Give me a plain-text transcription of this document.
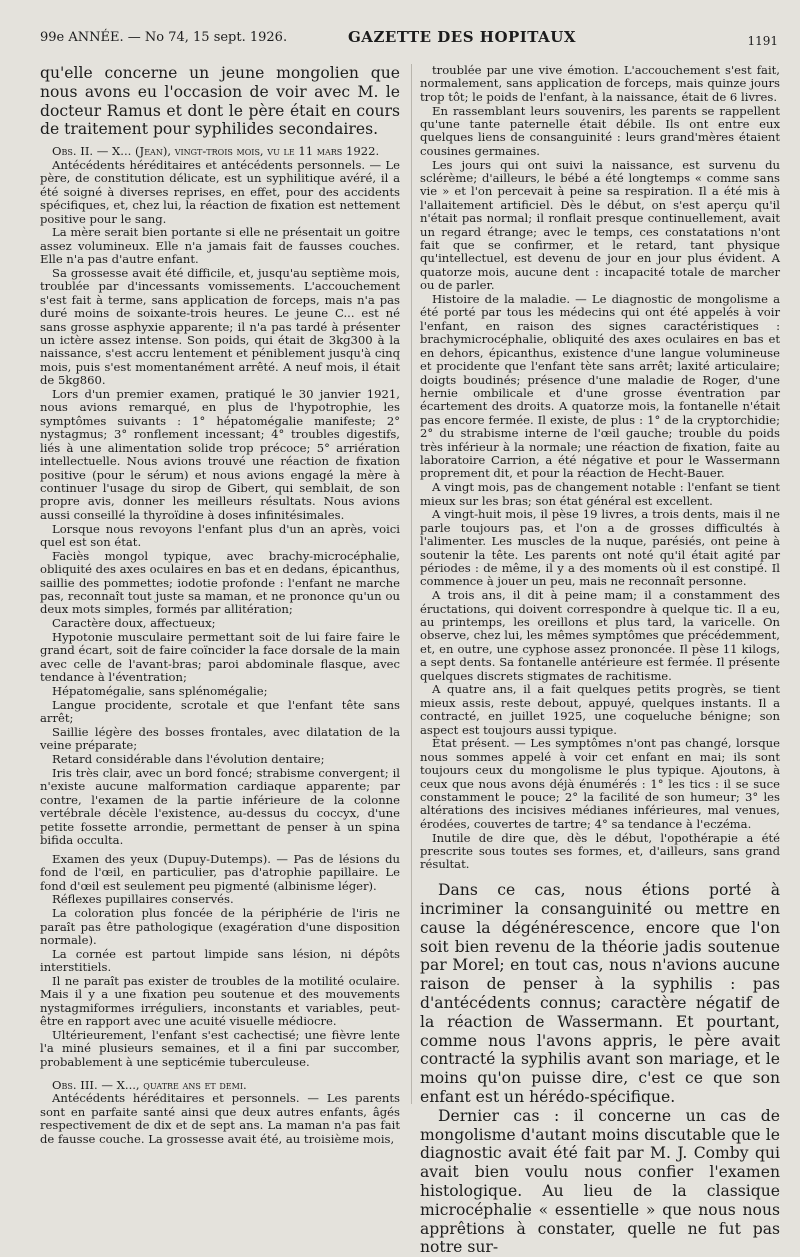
99e ANNÉE. — No 74, 15 sept. 1926.	GAZETTE DES HOPITAUX	1191

qu'elle concerne un jeune mongolien que nous avons eu l'occasion de voir avec M. le docteur Ramus et dont le père était en cours de traitement pour syphilides secondaires.

Obs. II. — X... (Jean), vingt-trois mois, vu le 11 mars 1922.

Antécédents héréditaires et antécédents personnels. — Le père, de constitution délicate, est un syphilitique avéré, il a été soigné à diverses reprises, en effet, pour des accidents spécifiques, et, chez lui, la réaction de fixation est nettement positive pour le sang.

La mère serait bien portante si elle ne présentait un goitre assez volumineux. Elle n'a jamais fait de fausses couches. Elle n'a pas d'autre enfant.

Sa grossesse avait été difficile, et, jusqu'au septième mois, troublée par d'incessants vomissements. L'accouchement s'est fait à terme, sans application de forceps, mais n'a pas duré moins de soixante-trois heures. Le jeune C... est né sans grosse asphyxie apparente; il n'a pas tardé à présenter un ictère assez intense. Son poids, qui était de 3kg300 à la naissance, s'est accru lentement et péniblement jusqu'à cinq mois, puis s'est momentanément arrêté. A neuf mois, il était de 5kg860.

Lors d'un premier examen, pratiqué le 30 janvier 1921, nous avions remarqué, en plus de l'hypotrophie, les symptômes suivants : 1° hépatomégalie manifeste; 2° nystagmus; 3° ronflement incessant; 4° troubles digestifs, liés à une alimentation solide trop précoce; 5° arriération intellectuelle. Nous avions trouvé une réaction de fixation positive (pour le sérum) et nous avions engagé la mère à continuer l'usage du sirop de Gibert, qui semblait, de son propre avis, donner les meilleurs résultats. Nous avions aussi conseillé la thyroïdine à doses infinitésimales.

Lorsque nous revoyons l'enfant plus d'un an après, voici quel est son état.

Faciès mongol typique, avec brachy-microcéphalie, obliquité des axes oculaires en bas et en dedans, épicanthus, saillie des pommettes; iodotie profonde : l'enfant ne marche pas, reconnaît tout juste sa maman, et ne prononce qu'un ou deux mots simples, formés par allitération;

Caractère doux, affectueux;

Hypotonie musculaire permettant soit de lui faire faire le grand écart, soit de faire coïncider la face dorsale de la main avec celle de l'avant-bras; paroi abdominale flasque, avec tendance à l'éventration;

Hépatomégalie, sans splénomégalie;

Langue procidente, scrotale et que l'enfant tête sans arrêt;

Saillie légère des bosses frontales, avec dilatation de la veine préparate;

Retard considérable dans l'évolution dentaire;

Iris très clair, avec un bord foncé; strabisme convergent; il n'existe aucune malformation cardiaque apparente; par contre, l'examen de la partie inférieure de la colonne vertébrale décèle l'existence, au-dessus du coccyx, d'une petite fossette arrondie, permettant de penser à un spina bifida occulta.

Examen des yeux (Dupuy-Dutemps). — Pas de lésions du fond de l'œil, en particulier, pas d'atrophie papillaire. Le fond d'œil est seulement peu pigmenté (albinisme léger).

Réflexes pupillaires conservés.

La coloration plus foncée de la périphérie de l'iris ne paraît pas être pathologique (exagération d'une disposition normale).

La cornée est partout limpide sans lésion, ni dépôts interstitiels.

Il ne paraît pas exister de troubles de la motilité oculaire. Mais il y a une fixation peu soutenue et des mouvements nystagmiformes irréguliers, inconstants et variables, peut-être en rapport avec une acuité visuelle médiocre.

Ultérieurement, l'enfant s'est cachectisé; une fièvre lente l'a miné plusieurs semaines, et il a fini par succomber, probablement à une septicémie tuberculeuse.

Obs. III. — X..., quatre ans et demi.

Antécédents héréditaires et personnels. — Les parents sont en parfaite santé ainsi que deux autres enfants, âgés respectivement de dix et de sept ans. La maman n'a pas fait de fausse couche. La grossesse avait été, au troisième mois,

troublée par une vive émotion. L'accouchement s'est fait, normalement, sans application de forceps, mais quinze jours trop tôt; le poids de l'enfant, à la naissance, était de 6 livres.

En rassemblant leurs souvenirs, les parents se rappellent qu'une tante paternelle était débile. Ils ont entre eux quelques liens de consanguinité : leurs grand'mères étaient cousines germaines.

Les jours qui ont suivi la naissance, est survenu du sclérème; d'ailleurs, le bébé a été longtemps « comme sans vie » et l'on percevait à peine sa respiration. Il a été mis à l'allaitement artificiel. Dès le début, on s'est aperçu qu'il n'était pas normal; il ronflait presque continuellement, avait un regard étrange; avec le temps, ces constatations n'ont fait que se confirmer, et le retard, tant physique qu'intellectuel, est devenu de jour en jour plus évident. A quatorze mois, aucune dent : incapacité totale de marcher ou de parler.

Histoire de la maladie. — Le diagnostic de mongolisme a été porté par tous les médecins qui ont été appelés à voir l'enfant, en raison des signes caractéristiques : brachymicrocéphalie, obliquité des axes oculaires en bas et en dehors, épicanthus, existence d'une langue volumineuse et procidente que l'enfant tète sans arrêt; laxité articulaire; doigts boudinés; présence d'une maladie de Roger, d'une hernie ombilicale et d'une grosse éventration par écartement des droits. A quatorze mois, la fontanelle n'était pas encore fermée. Il existe, de plus : 1° de la cryptorchidie; 2° du strabisme interne de l'œil gauche; trouble du poids très inférieur à la normale; une réaction de fixation, faite au laboratoire Carrion, a été négative et pour le Wassermann proprement dit, et pour la réaction de Hecht-Bauer.

A vingt mois, pas de changement notable : l'enfant se tient mieux sur les bras; son état général est excellent.

A vingt-huit mois, il pèse 19 livres, a trois dents, mais il ne parle toujours pas, et l'on a de grosses difficultés à l'alimenter. Les muscles de la nuque, parésiés, ont peine à soutenir la tête. Les parents ont noté qu'il était agité par périodes : de même, il y a des moments où il est constipé. Il commence à jouer un peu, mais ne reconnaît personne.

A trois ans, il dit à peine mam; il a constamment des éructations, qui doivent correspondre à quelque tic. Il a eu, au printemps, les oreillons et plus tard, la varicelle. On observe, chez lui, les mêmes symptômes que précédemment, et, en outre, une cyphose assez prononcée. Il pèse 11 kilogs, a sept dents. Sa fontanelle antérieure est fermée. Il présente quelques discrets stigmates de rachitisme.

A quatre ans, il a fait quelques petits progrès, se tient mieux assis, reste debout, appuyé, quelques instants. Il a contracté, en juillet 1925, une coqueluche bénigne; son aspect est toujours aussi typique.

État présent. — Les symptômes n'ont pas changé, lorsque nous sommes appelé à voir cet enfant en mai; ils sont toujours ceux du mongolisme le plus typique. Ajoutons, à ceux que nous avons déjà énumérés : 1° les tics : il se suce constamment le pouce; 2° la facilité de son humeur; 3° les altérations des incisives médianes inférieures, mal venues, érodées, couvertes de tartre; 4° sa tendance à l'eczéma.

Inutile de dire que, dès le début, l'opothérapie a été prescrite sous toutes ses formes, et, d'ailleurs, sans grand résultat.

Dans ce cas, nous étions porté à incriminer la consanguinité ou mettre en cause la dégénérescence, encore que l'on soit bien revenu de la théorie jadis soutenue par Morel; en tout cas, nous n'avions aucune raison de penser à la syphilis : pas d'antécédents connus; caractère négatif de la réaction de Wassermann. Et pourtant, comme nous l'avons appris, le père avait contracté la syphilis avant son mariage, et le moins qu'on puisse dire, c'est ce que son enfant est un hérédo-spécifique.

Dernier cas : il concerne un cas de mongolisme d'autant moins discutable que le diagnostic avait été fait par M. J. Comby qui avait bien voulu nous confier l'examen histologique. Au lieu de la classique microcéphalie « essentielle » que nous nous apprêtions à constater, quelle ne fut pas notre sur-
